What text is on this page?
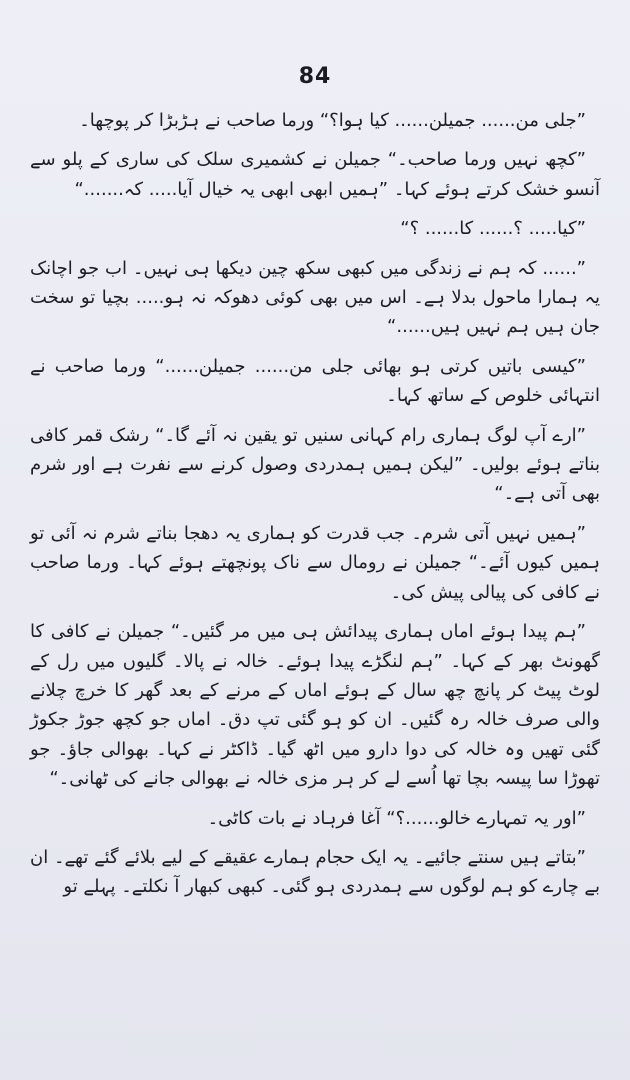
84

”جلی من...... جمیلن...... کیا ہوا؟“ ورما صاحب نے ہڑبڑا کر پوچھا۔

”کچھ نہیں ورما صاحب۔“ جمیلن نے کشمیری سلک کی ساری کے پلو سے آنسو خشک کرتے ہوئے کہا۔ ”ہمیں ابھی ابھی یہ خیال آیا..... کہ.......“

”کیا..... ؟...... کا...... ؟“

”...... کہ ہم نے زندگی میں کبھی سکھ چین دیکھا ہی نہیں۔ اب جو اچانک یہ ہمارا ماحول بدلا ہے۔ اس میں بھی کوئی دھوکہ نہ ہو..... بچیا تو سخت جان ہیں ہم نہیں ہیں......“

”کیسی باتیں کرتی ہو بھائی جلی من...... جمیلن......“ ورما صاحب نے انتہائی خلوص کے ساتھ کہا۔

”ارے آپ لوگ ہماری رام کہانی سنیں تو یقین نہ آئے گا۔“ رشک قمر کافی بناتے ہوئے بولیں۔ ”لیکن ہمیں ہمدردی وصول کرنے سے نفرت ہے اور شرم بھی آتی ہے۔“

”ہمیں نہیں آتی شرم۔ جب قدرت کو ہماری یہ دھجا بناتے شرم نہ آئی تو ہمیں کیوں آئے۔“ جمیلن نے رومال سے ناک پونچھتے ہوئے کہا۔ ورما صاحب نے کافی کی پیالی پیش کی۔

”ہم پیدا ہوئے اماں ہماری پیدائش ہی میں مر گئیں۔“ جمیلن نے کافی کا گھونٹ بھر کے کہا۔ ”ہم لنگڑے پیدا ہوئے۔ خالہ نے پالا۔ گلیوں میں رل کے لوٹ پیٹ کر پانچ چھ سال کے ہوئے اماں کے مرنے کے بعد گھر کا خرچ چلانے والی صرف خالہ رہ گئیں۔ ان کو ہو گئی تپ دق۔ اماں جو کچھ جوڑ جکوڑ گئی تھیں وہ خالہ کی دوا دارو میں اٹھ گیا۔ ڈاکٹر نے کہا۔ بھوالی جاؤ۔ جو تھوڑا سا پیسہ بچا تھا اُسے لے کر ہر مزی خالہ نے بھوالی جانے کی ٹھانی۔“

”اور یہ تمہارے خالو......؟“ آغا فرہاد نے بات کاٹی۔

”بتاتے ہیں سنتے جائیے۔ یہ ایک حجام ہمارے عقیقے کے لیے بلائے گئے تھے۔ ان بے چارے کو ہم لوگوں سے ہمدردی ہو گئی۔ کبھی کبھار آ نکلتے۔ پہلے تو
